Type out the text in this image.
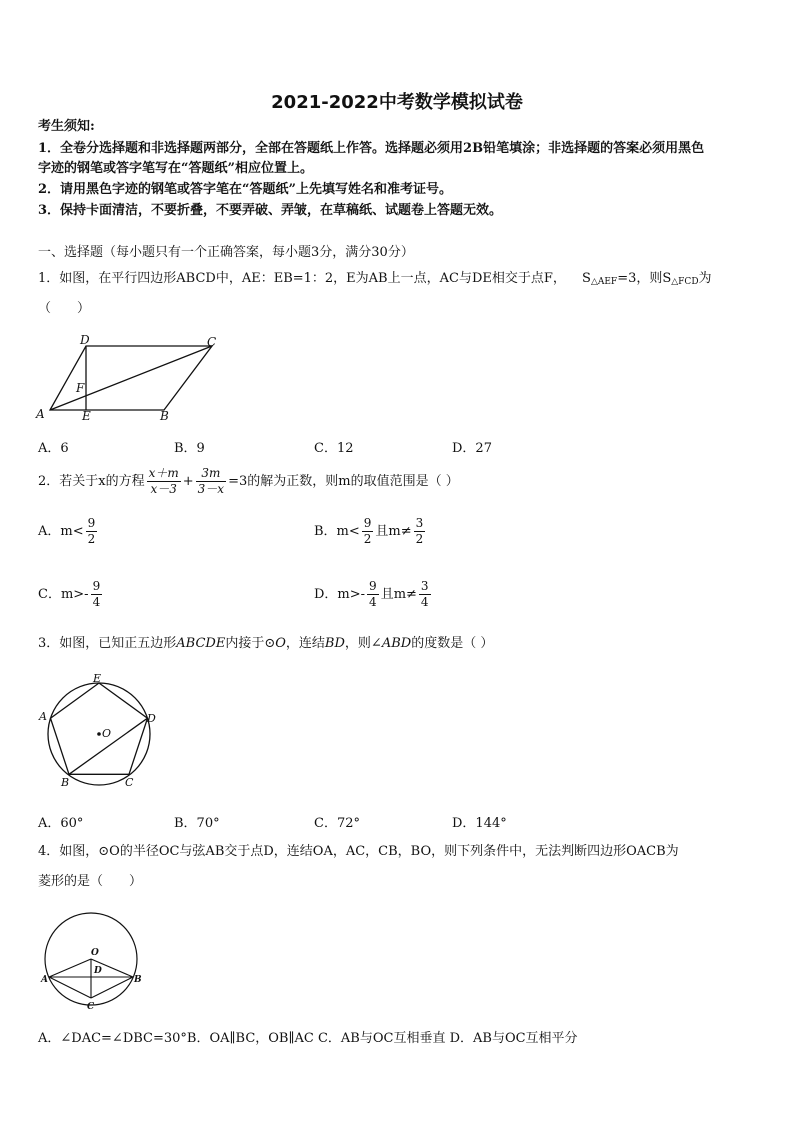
2021-2022中考数学模拟试卷
考生须知:
1．全卷分选择题和非选择题两部分，全部在答题纸上作答。选择题必须用2B铅笔填涂；非选择题的答案必须用黑色
字迹的钢笔或答字笔写在“答题纸”相应位置上。
2．请用黑色字迹的钢笔或答字笔在“答题纸”上先填写姓名和准考证号。
3．保持卡面清洁，不要折叠，不要弄破、弄皱，在草稿纸、试题卷上答题无效。
一、选择题（每小题只有一个正确答案，每小题3分，满分30分）
1．如图，在平行四边形ABCD中，AE：EB=1：2，E为AB上一点，AC与DE相交于点F， $S_{\triangle AEF}=3$，则$S_{\triangle FCD}$为
（　　）
A	B
C
D
E
F
A．6	B．9	C．12	D．27
2．若关于x的方程 $\frac{x+m}{x-3} + \frac{3m}{3-x} =3$的解为正数，则m的取值范围是（ ）
A．$m< \frac{9}{2}$	B．$m< \frac{9}{2}$ 且$m\ne \frac{3}{2}$
C．$m>- \frac{9}{4}$	D．$m>- \frac{9}{4}$ 且$m\ne \frac{3}{4}$
3．如图，已知正五边形ABCDE内接于⊙O，连结BD，则∠ABD的度数是（ ）
E
A	D
B	C
O
A．60°	B．70°	C．72°	D．144°
4．如图，⊙O的半径OC与弦AB交于点D，连结OA，AC，CB，BO，则下列条件中，无法判断四边形OACB为
菱形的是（　　）
O
A	B
C
D
A．∠DAC=∠DBC=30°B．OA∥BC，OB∥AC C．AB与OC互相垂直 D．AB与OC互相平分
